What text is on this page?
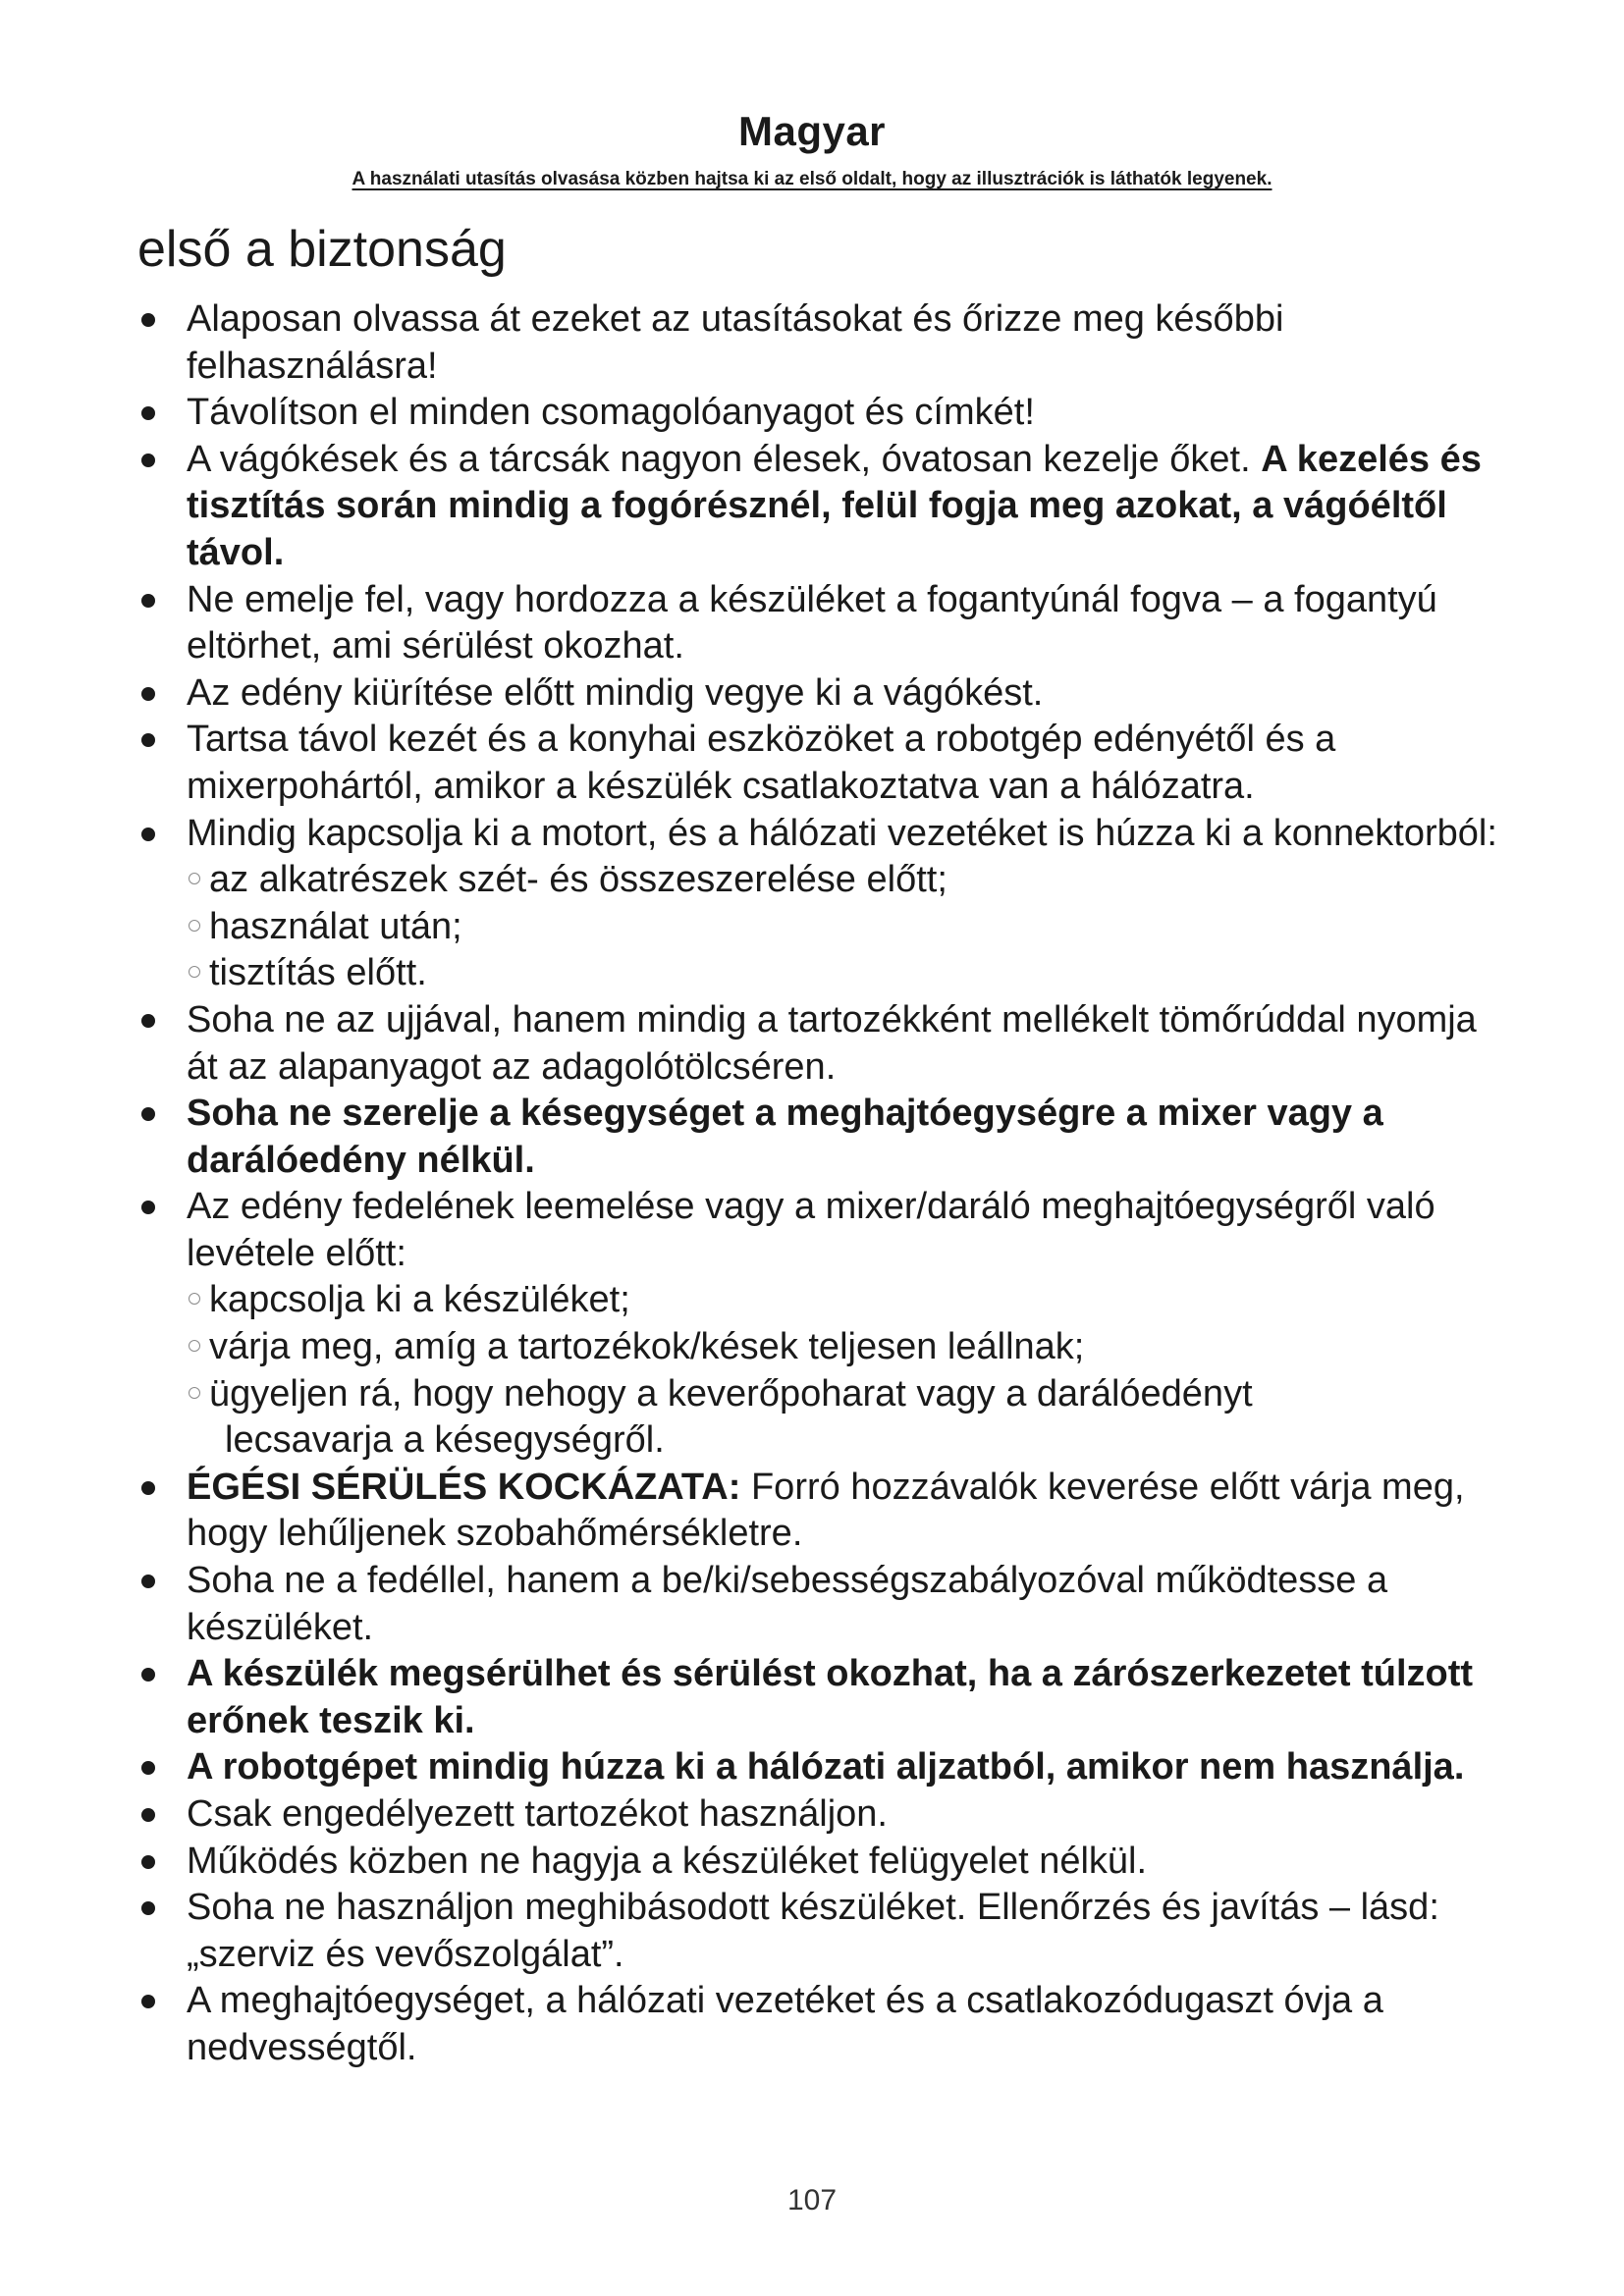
Magyar
A használati utasítás olvasása közben hajtsa ki az első oldalt, hogy az illusztrációk is láthatók legyenek.
első a biztonság
Alaposan olvassa át ezeket az utasításokat és őrizze meg későbbi felhasználásra!
Távolítson el minden csomagolóanyagot és címkét!
A vágókések és a tárcsák nagyon élesek, óvatosan kezelje őket. A kezelés és tisztítás során mindig a fogórésznél, felül fogja meg azokat, a vágóéltől távol.
Ne emelje fel, vagy hordozza a készüléket a fogantyúnál fogva – a fogantyú eltörhet, ami sérülést okozhat.
Az edény kiürítése előtt mindig vegye ki a vágókést.
Tartsa távol kezét és a konyhai eszközöket a robotgép edényétől és a mixerpohártól, amikor a készülék csatlakoztatva van a hálózatra.
Mindig kapcsolja ki a motort, és a hálózati vezetéket is húzza ki a konnektorból:
az alkatrészek szét- és összeszerelése előtt;
használat után;
tisztítás előtt.
Soha ne az ujjával, hanem mindig a tartozékként mellékelt tömőrúddal nyomja át az alapanyagot az adagolótölcséren.
Soha ne szerelje a késegységet a meghajtóegységre a mixer vagy a darálóedény nélkül.
Az edény fedelének leemelése vagy a mixer/daráló meghajtóegységről való levétele előtt:
kapcsolja ki a készüléket;
várja meg, amíg a tartozékok/kések teljesen leállnak;
ügyeljen rá, hogy nehogy a keverőpoharat vagy a darálóedényt
lecsavarja a késegységről.
ÉGÉSI SÉRÜLÉS KOCKÁZATA: Forró hozzávalók keverése előtt várja meg, hogy lehűljenek szobahőmérsékletre.
Soha ne a fedéllel, hanem a be/ki/sebességszabályozóval működtesse a készüléket.
A készülék megsérülhet és sérülést okozhat, ha a zárószerkezetet túlzott erőnek teszik ki.
A robotgépet mindig húzza ki a hálózati aljzatból, amikor nem használja.
Csak engedélyezett tartozékot használjon.
Működés közben ne hagyja a készüléket felügyelet nélkül.
Soha ne használjon meghibásodott készüléket. Ellenőrzés és javítás – lásd: „szerviz és vevőszolgálat”.
A meghajtóegységet, a hálózati vezetéket és a csatlakozódugaszt óvja a nedvességtől.
107
